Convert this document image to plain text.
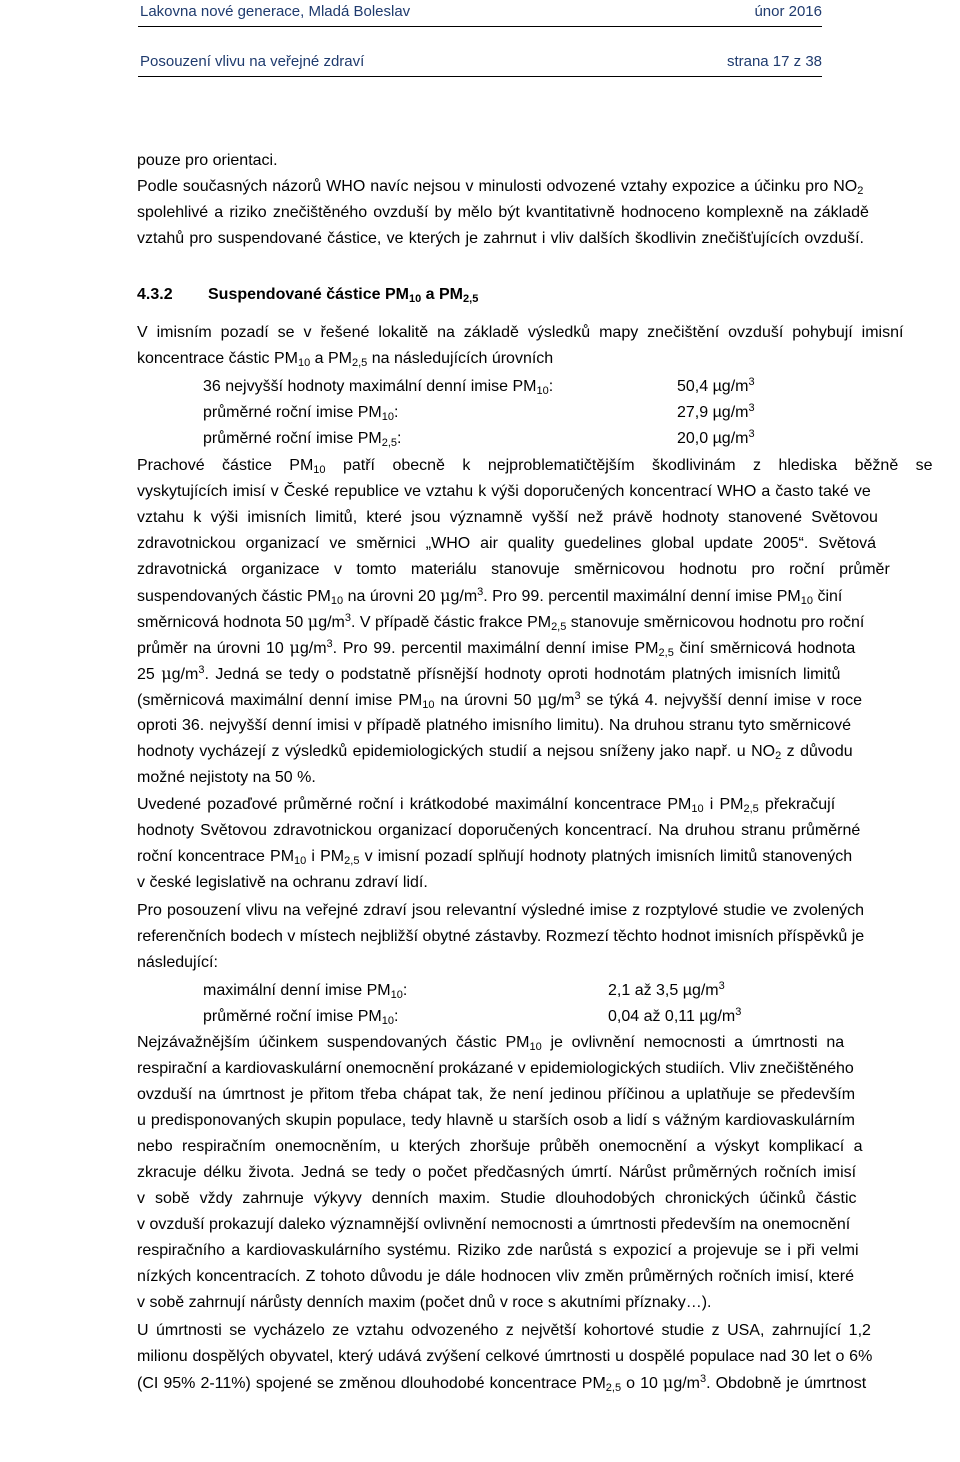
Lakovna nové generace, Mladá Boleslav	únor 2016
Posouzení vlivu na veřejné zdraví	strana 17 z 38
pouze pro orientaci.
Podle současných názorů WHO navíc nejsou v minulosti odvozené vztahy expozice a účinku pro NO2
spolehlivé a riziko znečištěného ovzduší by mělo být kvantitativně hodnoceno komplexně na základě
vztahů pro suspendované částice, ve kterých je zahrnut i vliv dalších škodlivin znečišťujících ovzduší.
4.3.2 Suspendované částice PM10 a PM2,5
V imisním pozadí se v řešené lokalitě na základě výsledků mapy znečištění ovzduší pohybují imisní
koncentrace částic PM10 a PM2,5 na následujících úrovních
36 nejvyšší hodnoty maximální denní imise PM10:	50,4 $\mu g/m^3$
průměrné roční imise PM10:	27,9 $\mu g/m^3$
průměrné roční imise PM2,5:	20,0 $\mu g/m^3$
Prachové částice PM10 patří obecně k nejproblematičtějším škodlivinám z hlediska běžně se
vyskytujících imisí v České republice ve vztahu k výši doporučených koncentrací WHO a často také ve
vztahu k výši imisních limitů, které jsou významně vyšší než právě hodnoty stanovené Světovou
zdravotnickou organizací ve směrnici „WHO air quality guedelines global update 2005“. Světová
zdravotnická organizace v tomto materiálu stanovuje směrnicovou hodnotu pro roční průměr
suspendovaných částic PM10 na úrovni 20 $\mu g/m^3$. Pro 99. percentil maximální denní imise PM10 činí
směrnicová hodnota 50 $\mu g/m^3$. V případě částic frakce PM2,5 stanovuje směrnicovou hodnotu pro roční
průměr na úrovni 10 $\mu g/m^3$. Pro 99. percentil maximální denní imise PM2,5 činí směrnicová hodnota
25 $\mu g/m^3$. Jedná se tedy o podstatně přísnější hodnoty oproti hodnotám platných imisních limitů
(směrnicová maximální denní imise PM10 na úrovni 50 $\mu g/m^3$ se týká 4. nejvyšší denní imise v roce
oproti 36. nejvyšší denní imisi v případě platného imisního limitu). Na druhou stranu tyto směrnicové
hodnoty vycházejí z výsledků epidemiologických studií a nejsou sníženy jako např. u NO2 z důvodu
možné nejistoty na 50 %.
Uvedené pozaďové průměrné roční i krátkodobé maximální koncentrace PM10 i PM2,5 překračují
hodnoty Světovou zdravotnickou organizací doporučených koncentrací. Na druhou stranu průměrné
roční koncentrace PM10 i PM2,5 v imisní pozadí splňují hodnoty platných imisních limitů stanovených
v české legislativě na ochranu zdraví lidí.
Pro posouzení vlivu na veřejné zdraví jsou relevantní výsledné imise z rozptylové studie ve zvolených
referenčních bodech v místech nejbližší obytné zástavby. Rozmezí těchto hodnot imisních příspěvků je
následující:
maximální denní imise PM10:	2,1 až 3,5 $\mu g/m^3$
průměrné roční imise PM10:	0,04 až 0,11 $\mu g/m^3$
Nejzávažnějším účinkem suspendovaných částic PM10 je ovlivnění nemocnosti a úmrtnosti na
respirační a kardiovaskulární onemocnění prokázané v epidemiologických studiích. Vliv znečištěného
ovzduší na úmrtnost je přitom třeba chápat tak, že není jedinou příčinou a uplatňuje se především
u predisponovaných skupin populace, tedy hlavně u starších osob a lidí s vážným kardiovaskulárním
nebo respiračním onemocněním, u kterých zhoršuje průběh onemocnění a výskyt komplikací a
zkracuje délku života. Jedná se tedy o počet předčasných úmrtí. Nárůst průměrných ročních imisí
v sobě vždy zahrnuje výkyvy denních maxim. Studie dlouhodobých chronických účinků částic
v ovzduší prokazují daleko významnější ovlivnění nemocnosti a úmrtnosti především na onemocnění
respiračního a kardiovaskulárního systému. Riziko zde narůstá s expozicí a projevuje se i při velmi
nízkých koncentracích. Z tohoto důvodu je dále hodnocen vliv změn průměrných ročních imisí, které
v sobě zahrnují nárůsty denních maxim (počet dnů v roce s akutními příznaky…).
U úmrtnosti se vycházelo ze vztahu odvozeného z největší kohortové studie z USA, zahrnující 1,2
milionu dospělých obyvatel, který udává zvýšení celkové úmrtnosti u dospělé populace nad 30 let o 6%
(CI 95% 2-11%) spojené se změnou dlouhodobé koncentrace PM2,5 o 10 $\mu g/m^3$. Obdobně je úmrtnost
